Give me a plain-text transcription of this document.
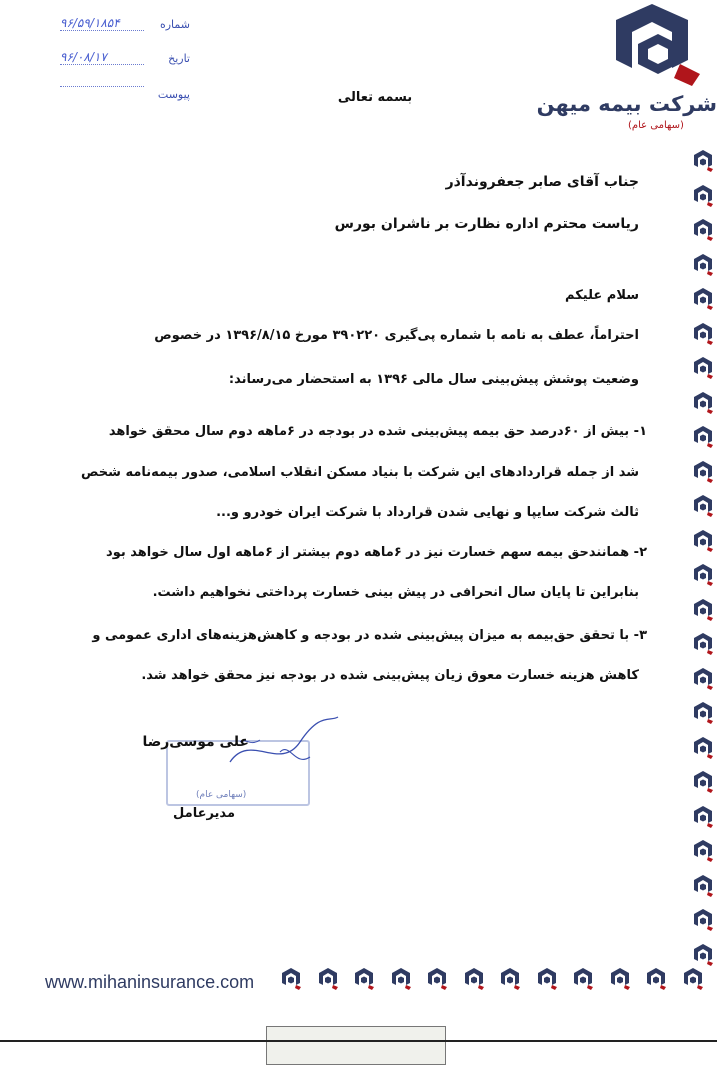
شرکت بیمه میهن
(سهامی عام)
شماره
۹۶/۵۹/۱۸۵۴
تاریخ
۹۶/۰۸/۱۷
پیوست	بسمه تعالی
جناب آقای صابر جعفروندآذر
ریاست محترم اداره نظارت بر ناشران بورس
سلام علیکم
احتراماً، عطف به نامه با شماره پی‌گیری ۳۹۰۲۲۰ مورخ ۱۳۹۶/۸/۱۵ در خصوص
وضعیت پوشش پیش‌بینی سال مالی ۱۳۹۶ به استحضار می‌رساند:
۱- بیش از ۶۰درصد حق بیمه پیش‌بینی شده در بودجه در ۶ماهه دوم سال محقق خواهد
شد از جمله قراردادهای این شرکت با بنیاد مسکن انقلاب اسلامی، صدور بیمه‌نامه شخص
ثالث شرکت سایپا و نهایی شدن قرارداد با شرکت ایران خودرو و...
۲- همانندحق بیمه سهم خسارت نیز در ۶ماهه دوم بیشتر از ۶ماهه اول سال خواهد بود
بنابراین تا پایان سال انحرافی در پیش بینی خسارت پرداختی نخواهیم داشت.
۳- با تحقق حق‌بیمه به میزان پیش‌بینی شده در بودجه و کاهش‌هزینه‌های اداری عمومی و
کاهش هزینه خسارت معوق زیان پیش‌بینی شده در بودجه نیز محقق خواهد شد.
(سهامی عام)
علی موسی‌رضا
مدیرعامل
www.mihaninsurance.com
